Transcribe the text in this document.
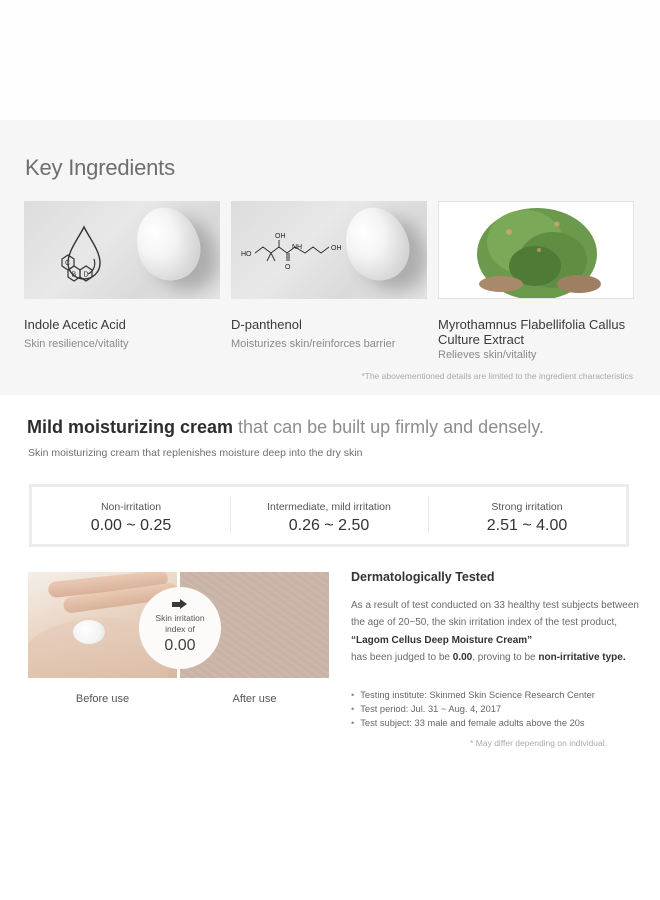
Key Ingredients
C
B D
Indole Acetic Acid
Skin resilience/vitality
HO
OH
NH
O
OH
D-panthenol
Moisturizes skin/reinforces barrier
Myrothamnus Flabellifolia Callus Culture Extract
Relieves skin/vitality
*The abovementioned details are limited to the ingredient characteristics
Mild moisturizing cream that can be built up firmly and densely.
Skin moisturizing cream that replenishes moisture deep into the dry skin
Non-irritation
0.00 ~ 0.25
Intermediate, mild irritation
0.26 ~ 2.50
Strong irritation
2.51 ~ 4.00
Skin irritation
index of
0.00
Before use	After use
Dermatologically Tested

As a result of test conducted on 33 healthy test subjects between the age of 20~50, the skin irritation index of the test product, “Lagom Cellus Deep Moisture Cream”
has been judged to be 0.00, proving to be non-irritative type.

• Testing institute: Skinmed Skin Science Research Center
• Test period: Jul. 31 ~ Aug. 4, 2017
• Test subject: 33 male and female adults above the 20s
* May differ depending on individual.
